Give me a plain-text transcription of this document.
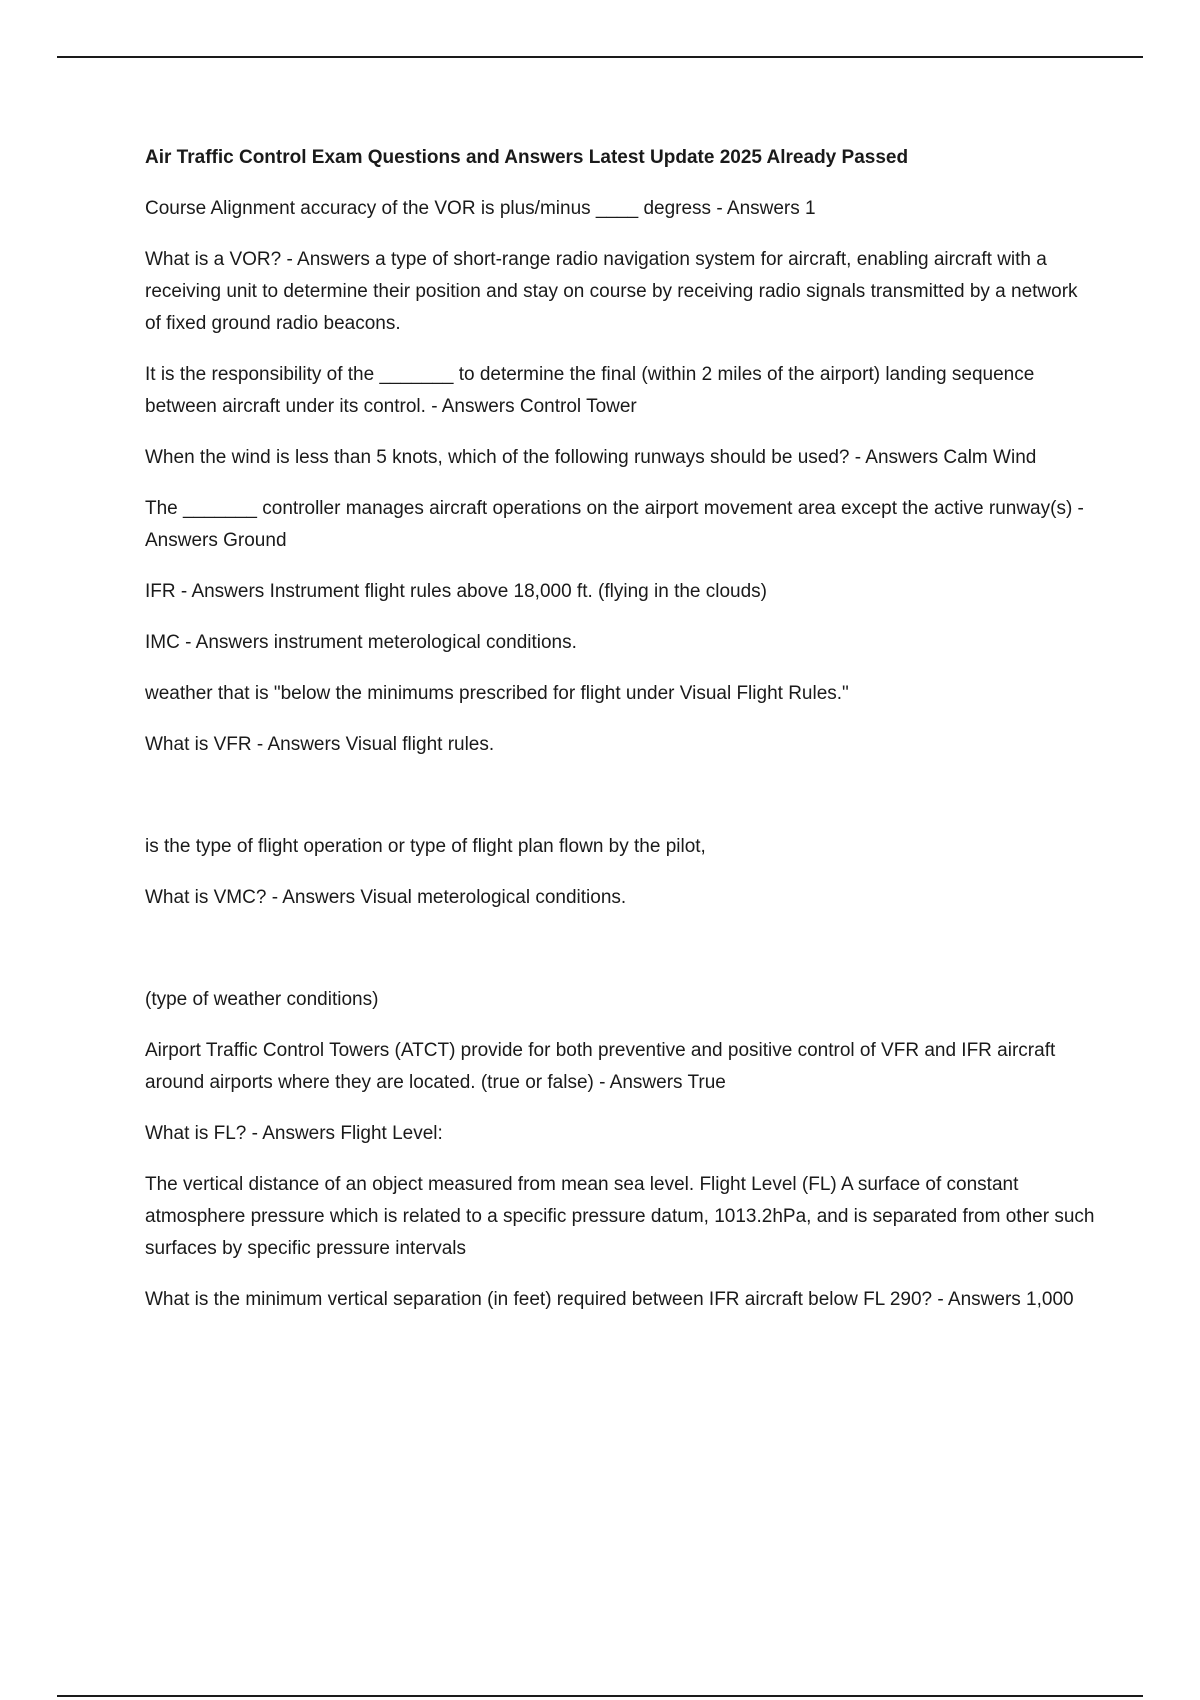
Air Traffic Control Exam Questions and Answers Latest Update 2025 Already Passed

Course Alignment accuracy of the VOR is plus/minus ____ degress - Answers 1

What is a VOR? - Answers a type of short-range radio navigation system for aircraft, enabling aircraft with a receiving unit to determine their position and stay on course by receiving radio signals transmitted by a network of fixed ground radio beacons.

It is the responsibility of the _______ to determine the final (within 2 miles of the airport) landing sequence between aircraft under its control. - Answers Control Tower

When the wind is less than 5 knots, which of the following runways should be used? - Answers Calm Wind

The _______ controller manages aircraft operations on the airport movement area except the active runway(s) - Answers Ground

IFR - Answers Instrument flight rules above 18,000 ft. (flying in the clouds)

IMC - Answers instrument meterological conditions.

weather that is "below the minimums prescribed for flight under Visual Flight Rules."

What is VFR - Answers Visual flight rules.

is the type of flight operation or type of flight plan flown by the pilot,

What is VMC? - Answers Visual meterological conditions.

(type of weather conditions)

Airport Traffic Control Towers (ATCT) provide for both preventive and positive control of VFR and IFR aircraft around airports where they are located. (true or false) - Answers True

What is FL? - Answers Flight Level:

The vertical distance of an object measured from mean sea level. Flight Level (FL) A surface of constant atmosphere pressure which is related to a specific pressure datum, 1013.2hPa, and is separated from other such surfaces by specific pressure intervals

What is the minimum vertical separation (in feet) required between IFR aircraft below FL 290? - Answers 1,000
